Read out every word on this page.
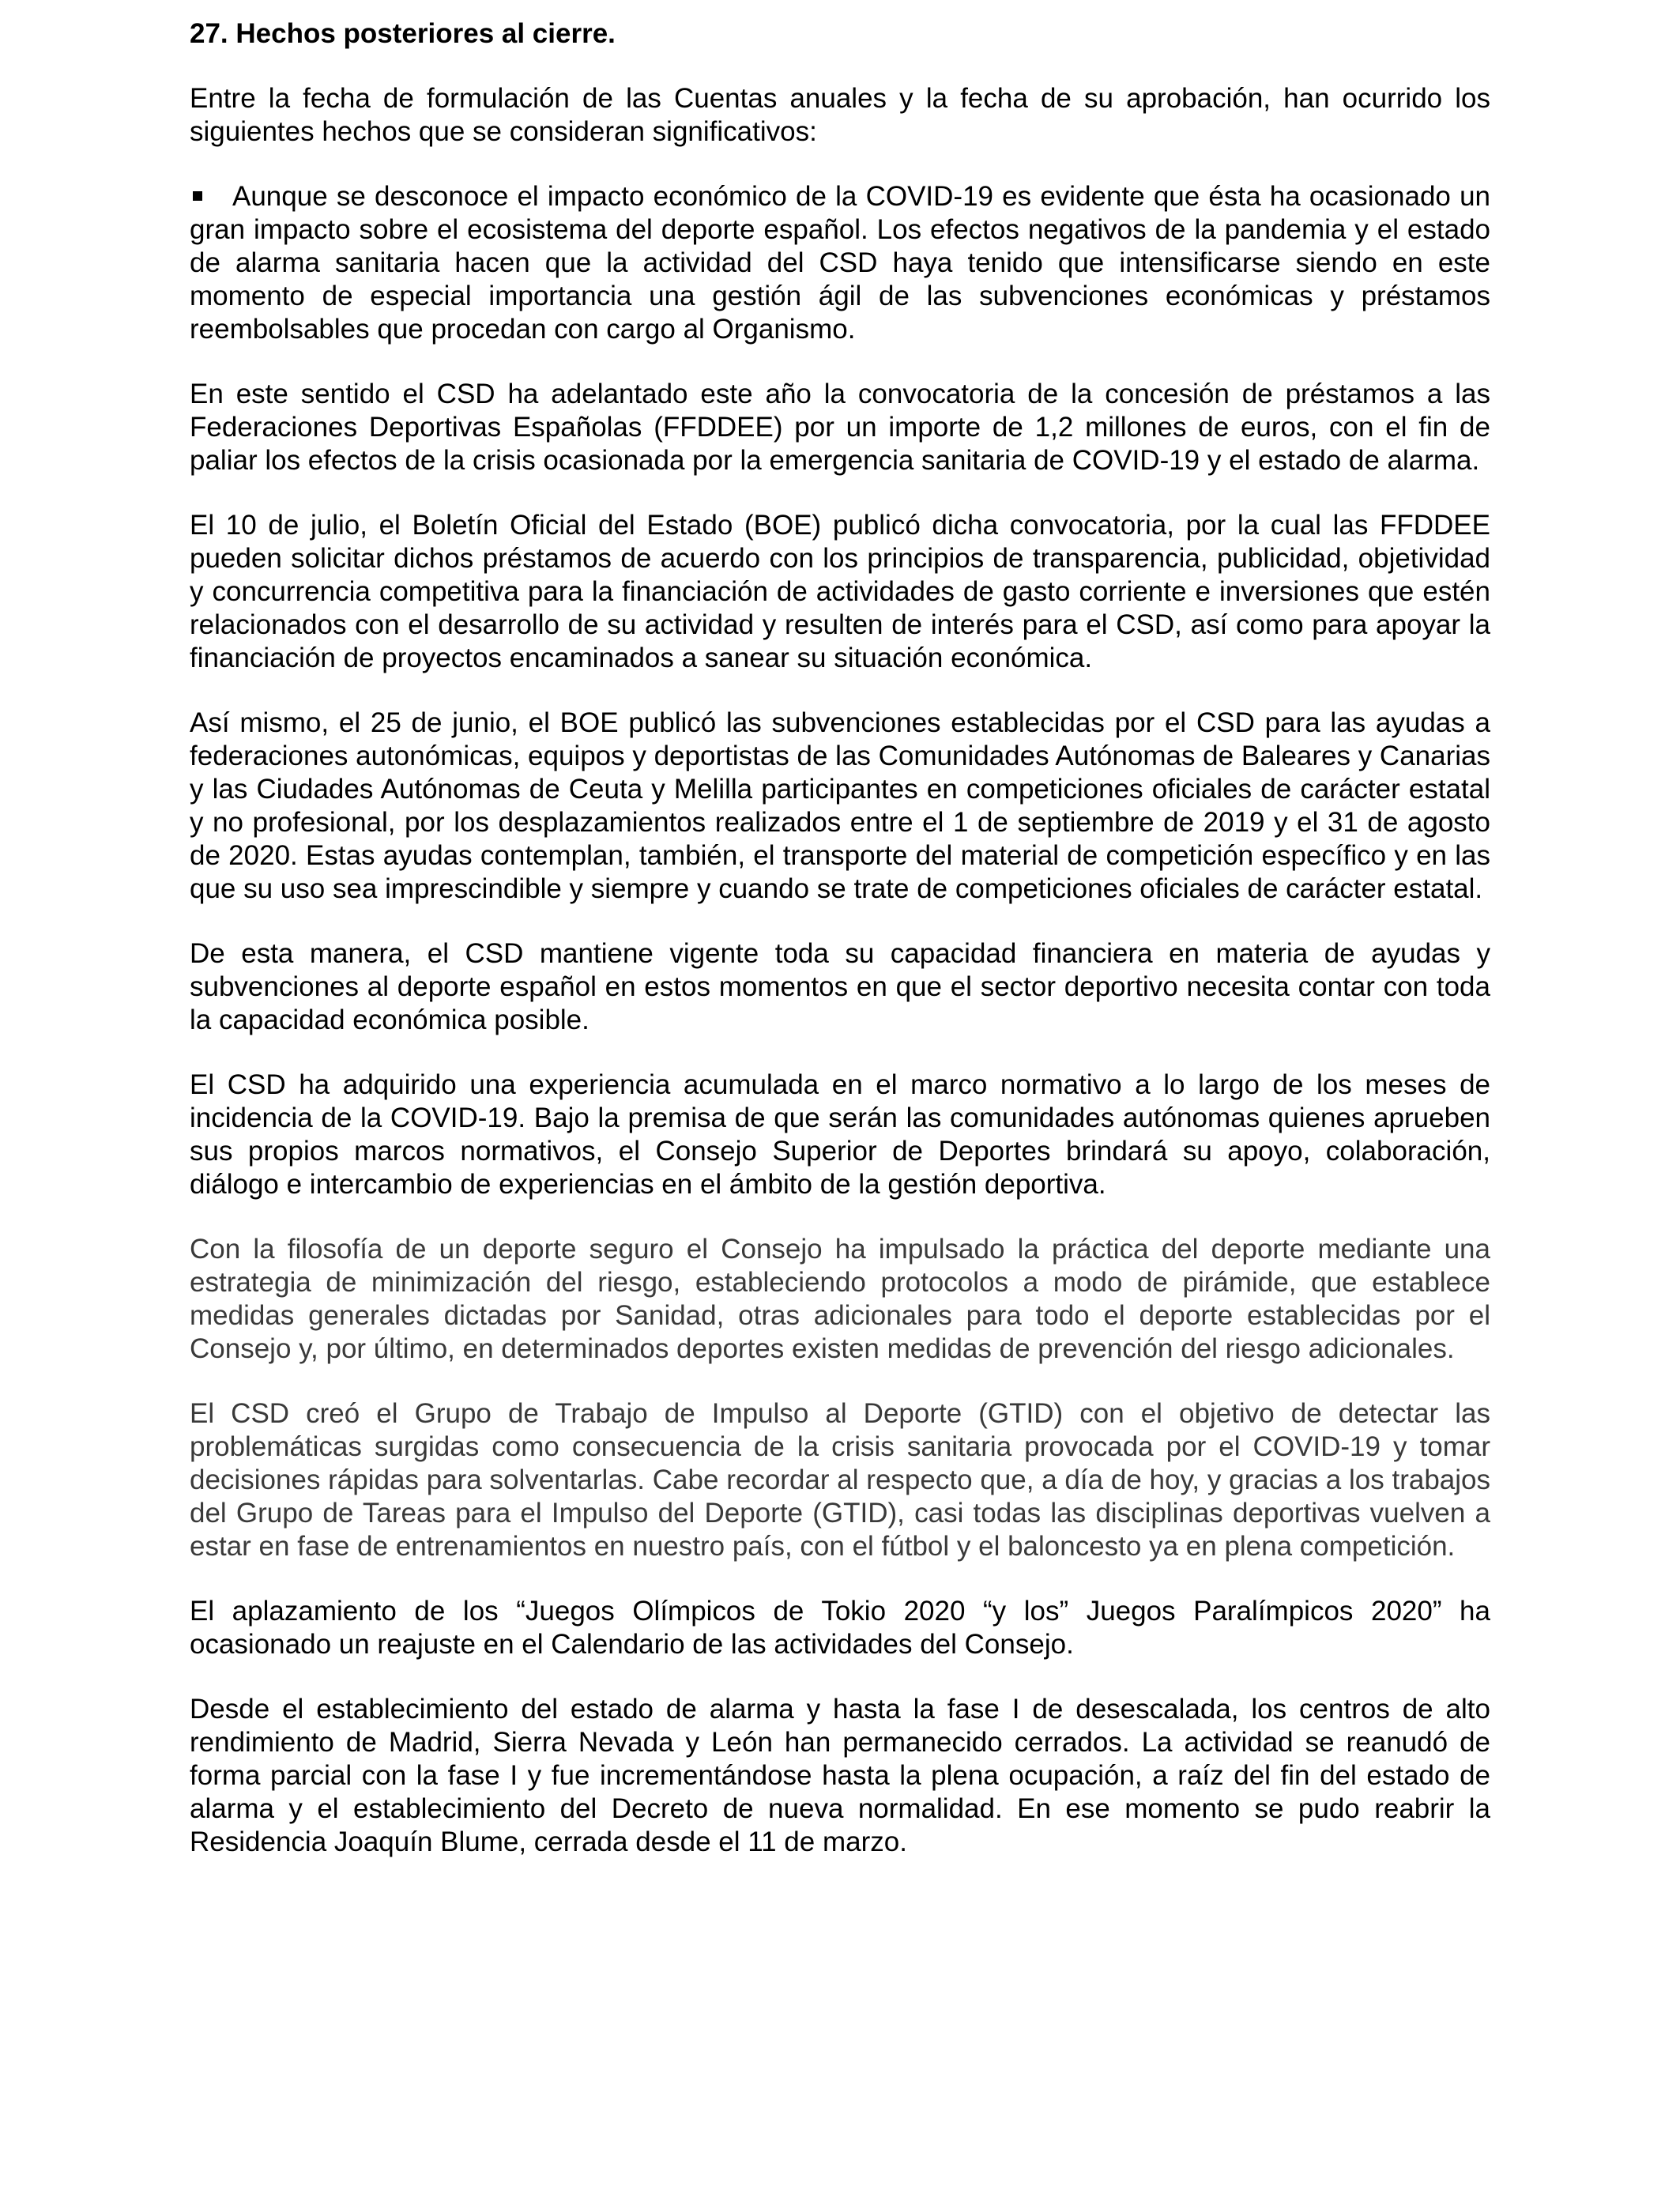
27. Hechos posteriores al cierre.
Entre la fecha de formulación de las Cuentas anuales y la fecha de su aprobación, han ocurrido los siguientes hechos que se consideran significativos:
Aunque se desconoce el impacto económico de la COVID-19 es evidente que ésta ha ocasionado un gran impacto sobre el ecosistema del deporte español. Los efectos negativos de la pandemia y el estado de alarma sanitaria hacen que la actividad del CSD haya tenido que intensificarse siendo en este momento de especial importancia una gestión ágil de las subvenciones económicas y préstamos reembolsables que procedan con cargo al Organismo.
En este sentido el CSD ha adelantado este año la convocatoria de la concesión de préstamos a las Federaciones Deportivas Españolas (FFDDEE) por un importe de 1,2 millones de euros, con el fin de paliar los efectos de la crisis ocasionada por la emergencia sanitaria de COVID-19 y el estado de alarma.
El 10 de julio, el Boletín Oficial del Estado (BOE) publicó dicha convocatoria, por la cual las FFDDEE pueden solicitar dichos préstamos de acuerdo con los principios de transparencia, publicidad, objetividad y concurrencia competitiva para la financiación de actividades de gasto corriente e inversiones que estén relacionados con el desarrollo de su actividad y resulten de interés para el CSD, así como para apoyar la financiación de proyectos encaminados a sanear su situación económica.
Así mismo, el 25 de junio, el BOE publicó las subvenciones establecidas por el CSD para las ayudas a federaciones autonómicas, equipos y deportistas de las Comunidades Autónomas de Baleares y Canarias y las Ciudades Autónomas de Ceuta y Melilla participantes en competiciones oficiales de carácter estatal y no profesional, por los desplazamientos realizados entre el 1 de septiembre de 2019 y el 31 de agosto de 2020. Estas ayudas contemplan, también, el transporte del material de competición específico y en las que su uso sea imprescindible y siempre y cuando se trate de competiciones oficiales de carácter estatal.
De esta manera, el CSD mantiene vigente toda su capacidad financiera en materia de ayudas y subvenciones al deporte español en estos momentos en que el sector deportivo necesita contar con toda la capacidad económica posible.
El CSD ha adquirido una experiencia acumulada en el marco normativo a lo largo de los meses de incidencia de la COVID-19. Bajo la premisa de que serán las comunidades autónomas quienes aprueben sus propios marcos normativos, el Consejo Superior de Deportes brindará su apoyo, colaboración, diálogo e intercambio de experiencias en el ámbito de la gestión deportiva.
Con la filosofía de un deporte seguro el Consejo ha impulsado la práctica del deporte mediante una estrategia de minimización del riesgo, estableciendo protocolos a modo de pirámide, que establece medidas generales dictadas por Sanidad, otras adicionales para todo el deporte establecidas por el Consejo y, por último, en determinados deportes existen medidas de prevención del riesgo adicionales.
El CSD creó el Grupo de Trabajo de Impulso al Deporte (GTID) con el objetivo de detectar las problemáticas surgidas como consecuencia de la crisis sanitaria provocada por el COVID-19 y tomar decisiones rápidas para solventarlas. Cabe recordar al respecto que, a día de hoy, y gracias a los trabajos del Grupo de Tareas para el Impulso del Deporte (GTID), casi todas las disciplinas deportivas vuelven a estar en fase de entrenamientos en nuestro país, con el fútbol y el baloncesto ya en plena competición.
El aplazamiento de los “Juegos Olímpicos de Tokio 2020 “y los” Juegos Paralímpicos 2020” ha ocasionado un reajuste en el Calendario de las actividades del Consejo.
Desde el establecimiento del estado de alarma y hasta la fase I de desescalada, los centros de alto rendimiento de Madrid, Sierra Nevada y León han permanecido cerrados. La actividad se reanudó de forma parcial con la fase I y fue incrementándose hasta la plena ocupación, a raíz del fin del estado de alarma y el establecimiento del Decreto de nueva normalidad. En ese momento se pudo reabrir la Residencia Joaquín Blume, cerrada desde el 11 de marzo.
